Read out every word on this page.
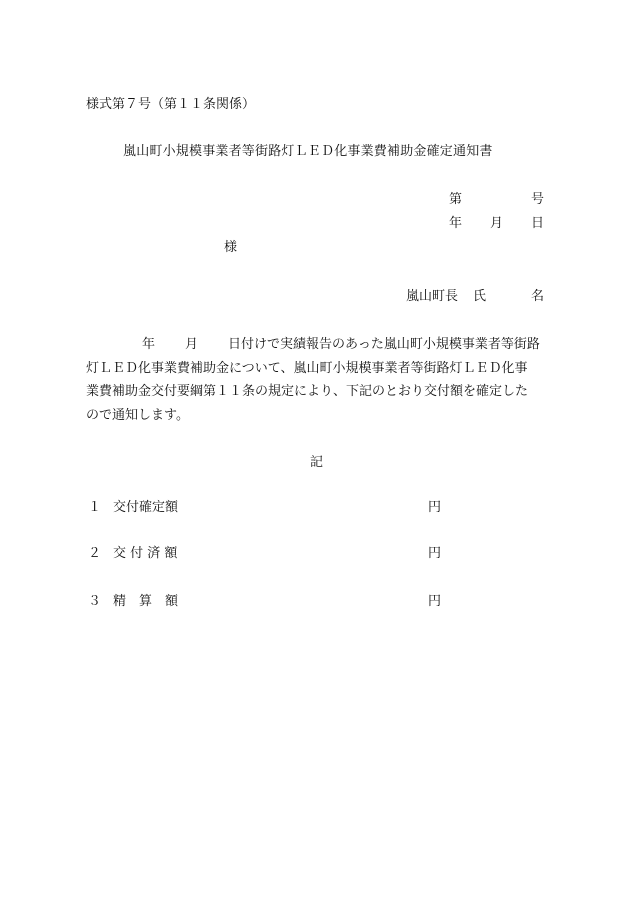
様式第７号（第１１条関係）
嵐山町小規模事業者等街路灯ＬＥＤ化事業費補助金確定通知書
第	号
年 月 日
様
嵐山町長 氏	名
年 月 日付けで実績報告のあった嵐山町小規模事業者等街路
灯ＬＥＤ化事業費補助金について、嵐山町小規模事業者等街路灯ＬＥＤ化事
業費補助金交付要綱第１１条の規定により、下記のとおり交付額を確定した
ので通知します。
記
１ 交付確定額	円
２ 交 付 済 額	円
３ 精　算　額	円
